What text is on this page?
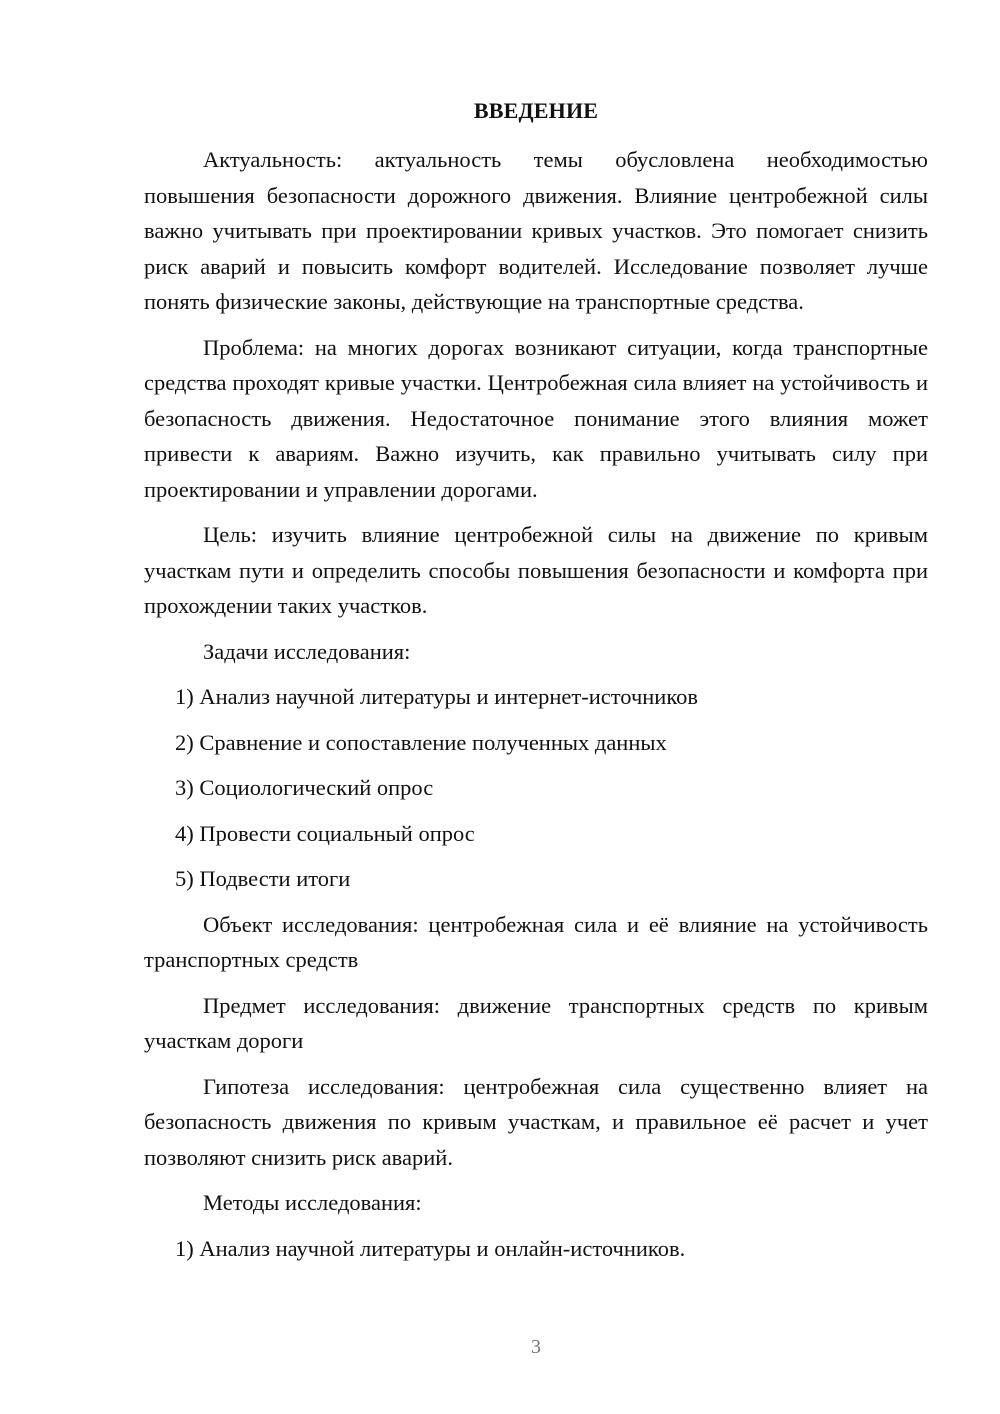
ВВЕДЕНИЕ

Актуальность: актуальность темы обусловлена необходимостью повышения безопасности дорожного движения. Влияние центробежной силы важно учитывать при проектировании кривых участков. Это помогает снизить риск аварий и повысить комфорт водителей. Исследование позволяет лучше понять физические законы, действующие на транспортные средства.

Проблема: на многих дорогах возникают ситуации, когда транспортные средства проходят кривые участки. Центробежная сила влияет на устойчивость и безопасность движения. Недостаточное понимание этого влияния может привести к авариям. Важно изучить, как правильно учитывать силу при проектировании и управлении дорогами.

Цель: изучить влияние центробежной силы на движение по кривым участкам пути и определить способы повышения безопасности и комфорта при прохождении таких участков.

Задачи исследования:

1) Анализ научной литературы и интернет-источников

2) Сравнение и сопоставление полученных данных

3) Социологический опрос

4) Провести социальный опрос

5) Подвести итоги

Объект исследования: центробежная сила и её влияние на устойчивость транспортных средств

Предмет исследования: движение транспортных средств по кривым участкам дороги

Гипотеза исследования: центробежная сила существенно влияет на безопасность движения по кривым участкам, и правильное её расчет и учет позволяют снизить риск аварий.

Методы исследования:

1) Анализ научной литературы и онлайн-источников.

3
